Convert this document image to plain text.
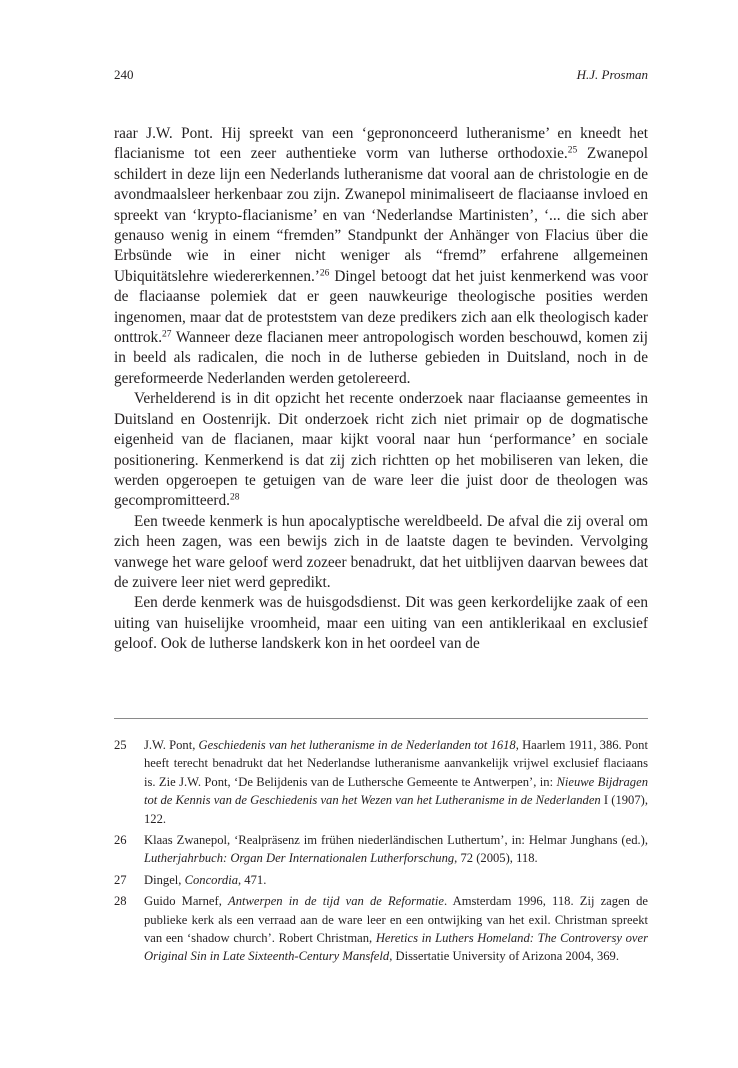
240	H.J. Prosman

raar J.W. Pont. Hij spreekt van een ‘geprononceerd lutheranisme’ en kneedt het flacianisme tot een zeer authentieke vorm van lutherse orthodoxie.$^{25}$ Zwanepol schildert in deze lijn een Nederlands lutheranisme dat vooral aan de christologie en de avondmaalsleer herkenbaar zou zijn. Zwanepol minimaliseert de flaciaanse invloed en spreekt van ‘krypto-flacianisme’ en van ‘Nederlandse Martinisten’, ‘... die sich aber genauso wenig in einem “fremden” Standpunkt der Anhänger von Flacius über die Erbsünde wie in einer nicht weniger als “fremd” erfahrene allgemeinen Ubiquitätslehre wiedererkennen.’$^{26}$ Dingel betoogt dat het juist kenmerkend was voor de flaciaanse polemiek dat er geen nauwkeurige theologische posities werden ingenomen, maar dat de proteststem van deze predikers zich aan elk theologisch kader onttrok.$^{27}$ Wanneer deze flacianen meer antropologisch worden beschouwd, komen zij in beeld als radicalen, die noch in de lutherse gebieden in Duitsland, noch in de gereformeerde Nederlanden werden getolereerd.

Verhelderend is in dit opzicht het recente onderzoek naar flaciaanse gemeentes in Duitsland en Oostenrijk. Dit onderzoek richt zich niet primair op de dogmatische eigenheid van de flacianen, maar kijkt vooral naar hun ‘performance’ en sociale positionering. Kenmerkend is dat zij zich richtten op het mobiliseren van leken, die werden opgeroepen te getuigen van de ware leer die juist door de theologen was gecompromitteerd.$^{28}$

Een tweede kenmerk is hun apocalyptische wereldbeeld. De afval die zij overal om zich heen zagen, was een bewijs zich in de laatste dagen te bevinden. Vervolging vanwege het ware geloof werd zozeer benadrukt, dat het uitblijven daarvan bewees dat de zuivere leer niet werd gepredikt.

Een derde kenmerk was de huisgodsdienst. Dit was geen kerkordelijke zaak of een uiting van huiselijke vroomheid, maar een uiting van een antiklerikaal en exclusief geloof. Ook de lutherse landskerk kon in het oordeel van de

25 J.W. Pont, Geschiedenis van het lutheranisme in de Nederlanden tot 1618, Haarlem 1911, 386. Pont heeft terecht benadrukt dat het Nederlandse lutheranisme aanvankelijk vrijwel exclusief flaciaans is. Zie J.W. Pont, ‘De Belijdenis van de Luthersche Gemeente te Antwerpen’, in: Nieuwe Bijdragen tot de Kennis van de Geschiedenis van het Wezen van het Lutheranisme in de Nederlanden I (1907), 122.
26 Klaas Zwanepol, ‘Realpräsenz im frühen niederländischen Luthertum’, in: Helmar Junghans (ed.), Lutherjahrbuch: Organ Der Internationalen Lutherforschung, 72 (2005), 118.
27 Dingel, Concordia, 471.
28 Guido Marnef, Antwerpen in de tijd van de Reformatie. Amsterdam 1996, 118. Zij zagen de publieke kerk als een verraad aan de ware leer en een ontwijking van het exil. Christman spreekt van een ‘shadow church’. Robert Christman, Heretics in Luthers Homeland: The Controversy over Original Sin in Late Sixteenth-Century Mansfeld, Dissertatie University of Arizona 2004, 369.
